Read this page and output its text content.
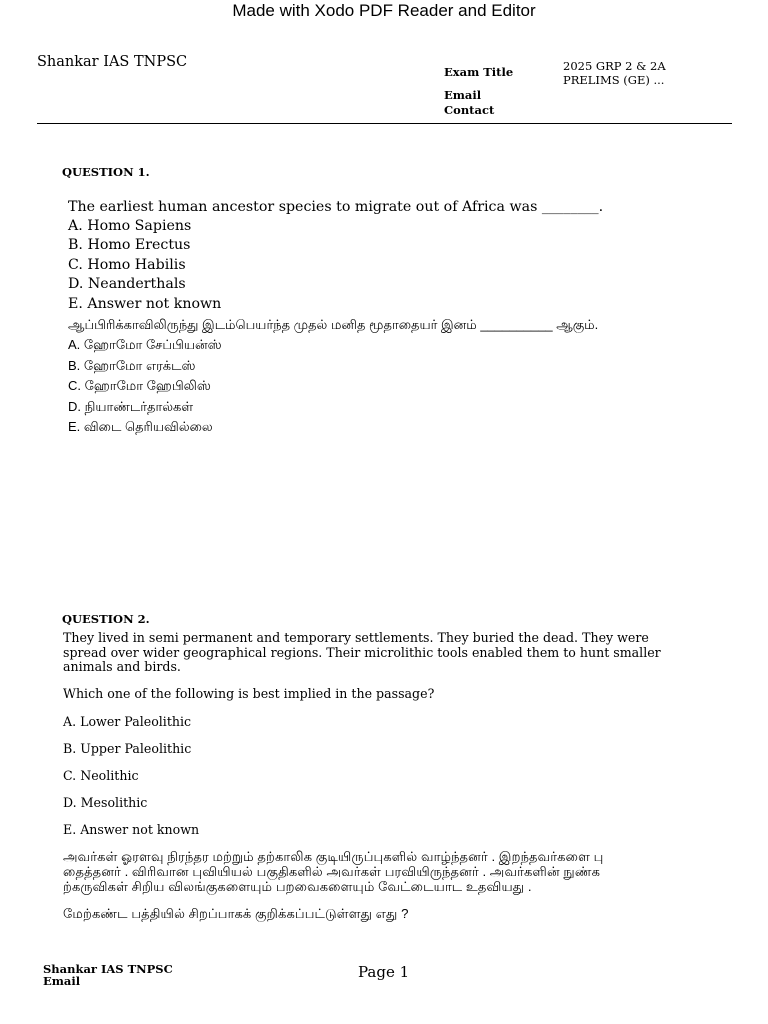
Made with Xodo PDF Reader and Editor
Shankar IAS TNPSC
Exam Title	2025 GRP 2 & 2A
PRELIMS (GE) ...
Email
Contact
QUESTION 1.
The earliest human ancestor species to migrate out of Africa was ________.
A. Homo Sapiens
B. Homo Erectus
C. Homo Habilis
D. Neanderthals
E. Answer not known
ஆப்பிரிக்காவிலிருந்து இடம்பெயர்ந்த முதல் மனித மூதாதையர் இனம் __________ ஆகும்.
A. ஹோமோ சேப்பியன்ஸ்
B. ஹோமோ எரக்டஸ்
C. ஹோமோ ஹேபிலிஸ்
D. நியாண்டர்தால்கள்
E. விடை தெரியவில்லை
QUESTION 2.
They lived in semi permanent and temporary settlements. They buried the dead. They were
spread over wider geographical regions. Their microlithic tools enabled them to hunt smaller
animals and birds.
Which one of the following is best implied in the passage?
A. Lower Paleolithic
B. Upper Paleolithic
C. Neolithic
D. Mesolithic
E. Answer not known
அவர்கள் ஓரளவு நிரந்தர மற்றும் தற்காலிக குடியிருப்புகளில் வாழ்ந்தனர் . இறந்தவர்களை பு
தைத்தனர் . விரிவான புவியியல் பகுதிகளில் அவர்கள் பரவியிருந்தனர் . அவர்களின் நுண்க
ற்கருவிகள் சிறிய விலங்குகளையும் பறவைகளையும் வேட்டையாட உதவியது .
மேற்கண்ட பத்தியில் சிறப்பாகக் குறிக்கப்பட்டுள்ளது எது ?
Shankar IAS TNPSC
Email	Page 1
